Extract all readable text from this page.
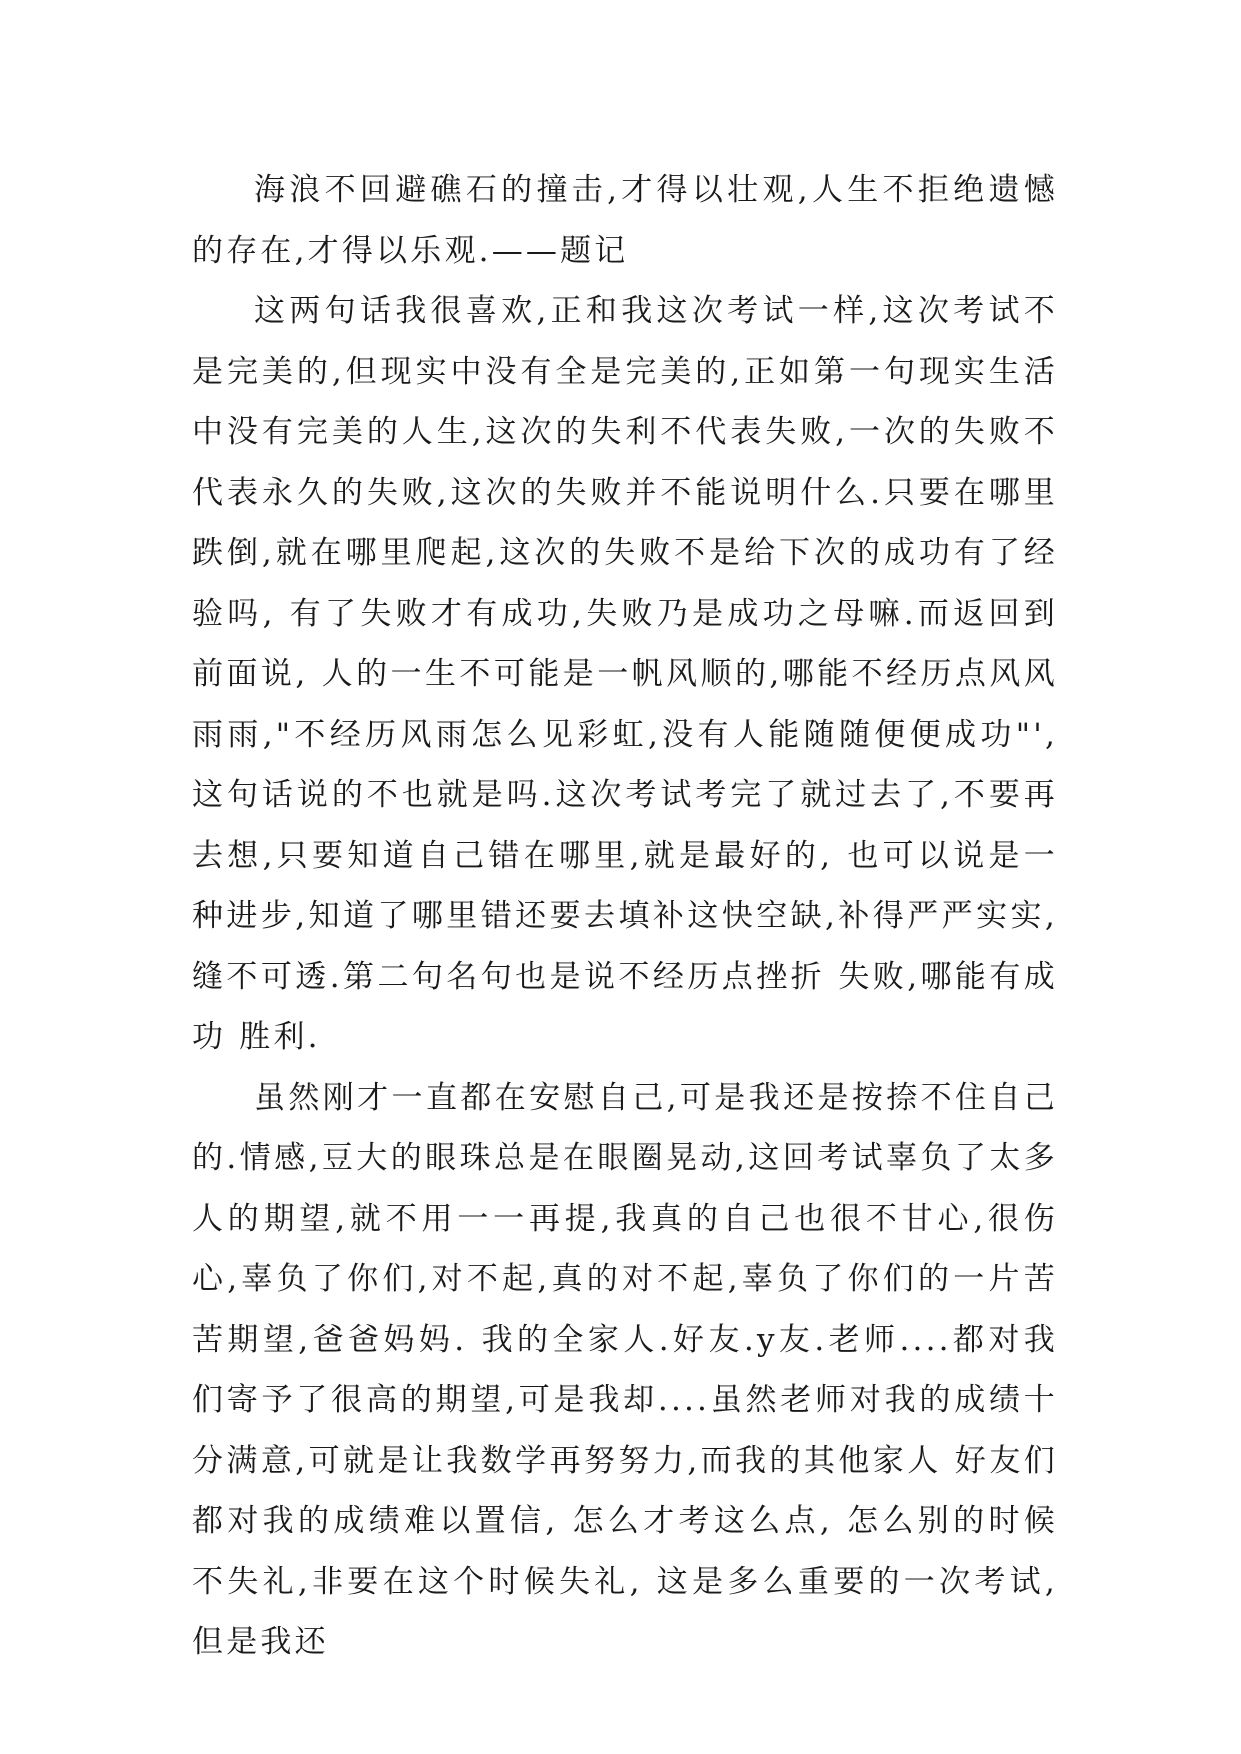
海浪不回避礁石的撞击,才得以壮观,人生不拒绝遗憾的存在,才得以乐观.——题记

这两句话我很喜欢,正和我这次考试一样,这次考试不是完美的,但现实中没有全是完美的,正如第一句现实生活中没有完美的人生,这次的失利不代表失败,一次的失败不代表永久的失败,这次的失败并不能说明什么.只要在哪里跌倒,就在哪里爬起,这次的失败不是给下次的成功有了经验吗, 有了失败才有成功,失败乃是成功之母嘛.而返回到前面说, 人的一生不可能是一帆风顺的,哪能不经历点风风雨雨,"不经历风雨怎么见彩虹,没有人能随随便便成功"',这句话说的不也就是吗.这次考试考完了就过去了,不要再去想,只要知道自己错在哪里,就是最好的, 也可以说是一种进步,知道了哪里错还要去填补这快空缺,补得严严实实,缝不可透.第二句名句也是说不经历点挫折 失败,哪能有成功 胜利.

虽然刚才一直都在安慰自己,可是我还是按捺不住自己的.情感,豆大的眼珠总是在眼圈晃动,这回考试辜负了太多人的期望,就不用一一再提,我真的自己也很不甘心,很伤心,辜负了你们,对不起,真的对不起,辜负了你们的一片苦苦期望,爸爸妈妈. 我的全家人.好友.y友.老师....都对我们寄予了很高的期望,可是我却....虽然老师对我的成绩十分满意,可就是让我数学再努努力,而我的其他家人 好友们都对我的成绩难以置信, 怎么才考这么点, 怎么别的时候不失礼,非要在这个时候失礼, 这是多么重要的一次考试, 但是我还
